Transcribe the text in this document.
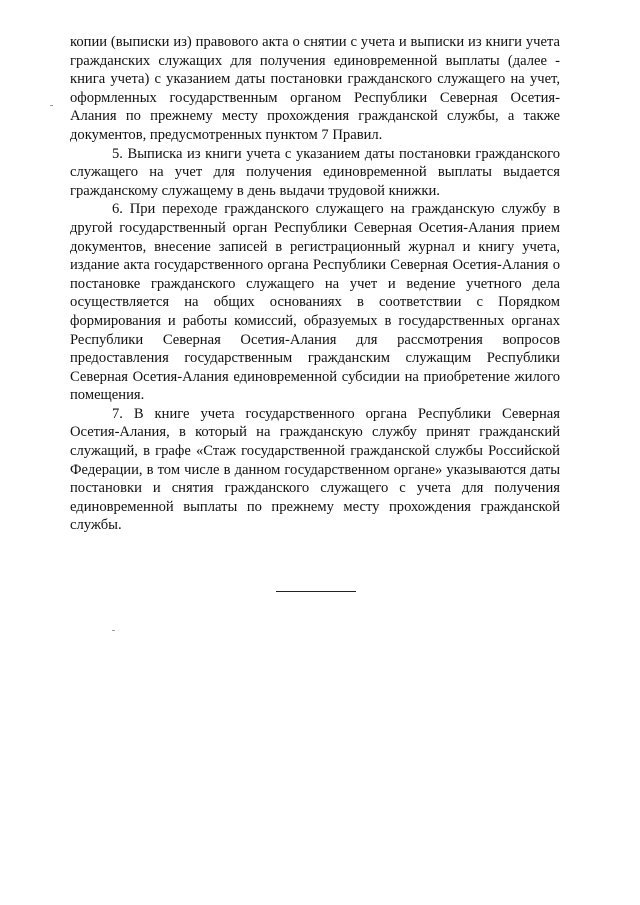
копии (выписки из) правового акта о снятии с учета и выписки из книги учета гражданских служащих для получения единовременной выплаты (далее - книга учета) с указанием даты постановки гражданского служащего на учет, оформленных государственным органом Республики Северная Осетия-Алания по прежнему месту прохождения гражданской службы, а также документов, предусмотренных пунктом 7 Правил.

5. Выписка из книги учета с указанием даты постановки гражданского служащего на учет для получения единовременной выплаты выдается гражданскому служащему в день выдачи трудовой книжки.

6. При переходе гражданского служащего на гражданскую службу в другой государственный орган Республики Северная Осетия-Алания прием документов, внесение записей в регистрационный журнал и книгу учета, издание акта государственного органа Республики Северная Осетия-Алания о постановке гражданского служащего на учет и ведение учетного дела осуществляется на общих основаниях в соответствии с Порядком формирования и работы комиссий, образуемых в государственных органах Республики Северная Осетия-Алания для рассмотрения вопросов предоставления государственным гражданским служащим Республики Северная Осетия-Алания единовременной субсидии на приобретение жилого помещения.

7. В книге учета государственного органа Республики Северная Осетия-Алания, в который на гражданскую службу принят гражданский служащий, в графе «Стаж государственной гражданской службы Российской Федерации, в том числе в данном государственном органе» указываются даты постановки и снятия гражданского служащего с учета для получения единовременной выплаты по прежнему месту прохождения гражданской службы.
